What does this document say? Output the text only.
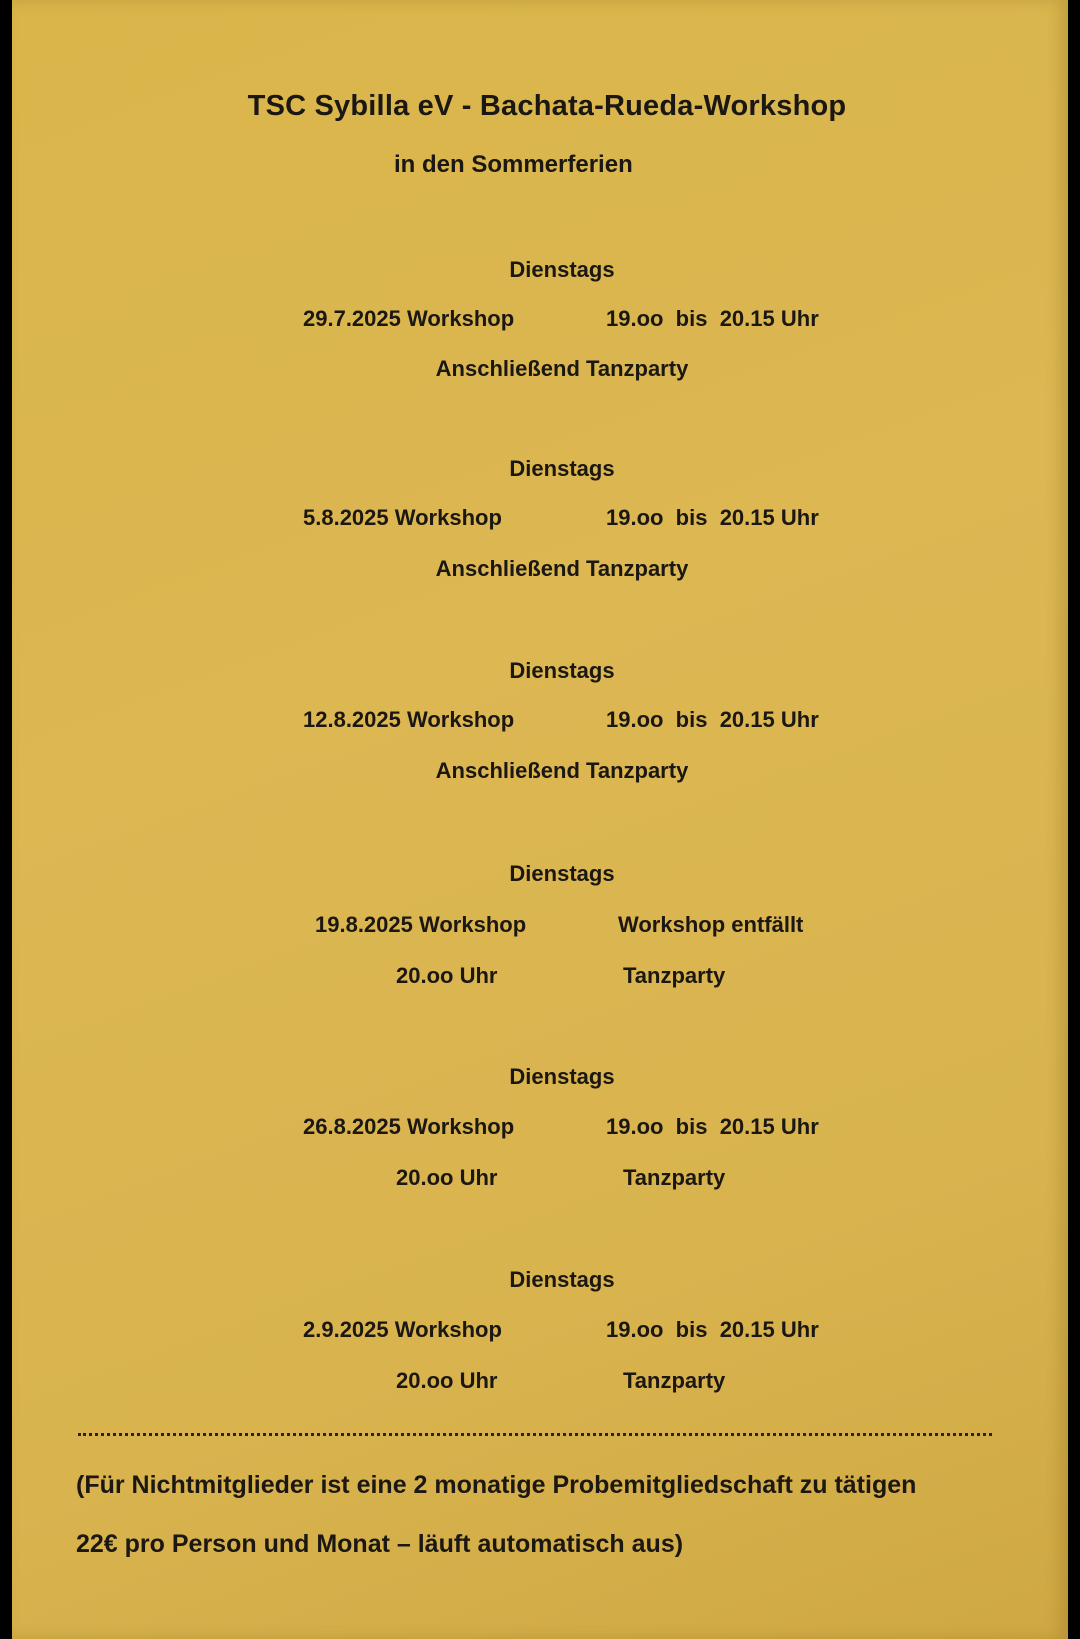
TSC Sybilla eV - Bachata-Rueda-Workshop
in den Sommerferien
Dienstags
29.7.2025 Workshop	19.oo  bis  20.15 Uhr
Anschließend Tanzparty
Dienstags
5.8.2025 Workshop	19.oo  bis  20.15 Uhr
Anschließend Tanzparty
Dienstags
12.8.2025 Workshop	19.oo  bis  20.15 Uhr
Anschließend Tanzparty
Dienstags
19.8.2025 Workshop	Workshop entfällt
20.oo Uhr	Tanzparty
Dienstags
26.8.2025 Workshop	19.oo  bis  20.15 Uhr
20.oo Uhr	Tanzparty
Dienstags
2.9.2025 Workshop	19.oo  bis  20.15 Uhr
20.oo Uhr	Tanzparty
(Für Nichtmitglieder ist eine 2 monatige Probemitgliedschaft zu tätigen
22€ pro Person und Monat – läuft automatisch aus)
